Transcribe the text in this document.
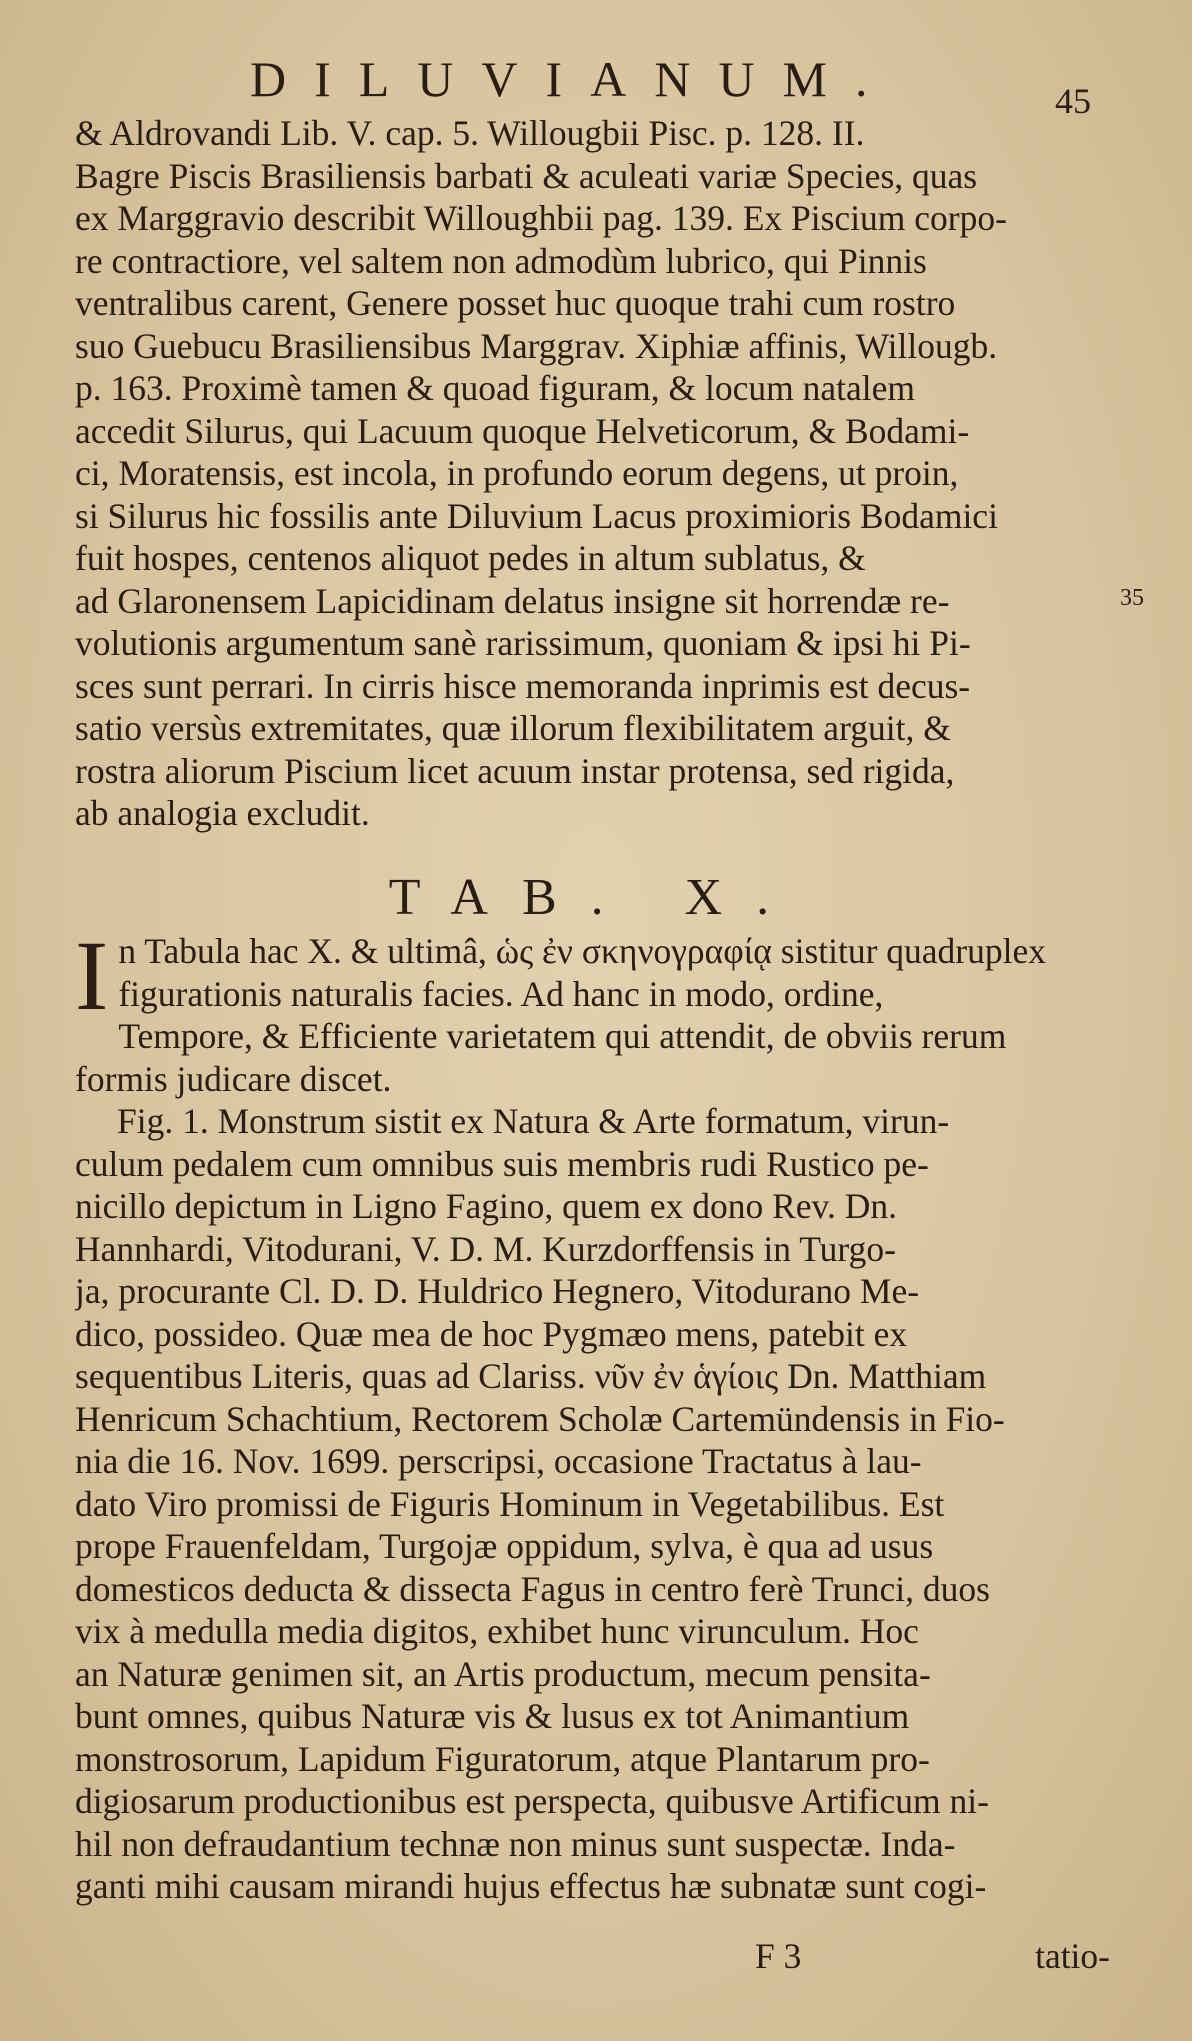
DILUVIANUM.	45
& Aldrovandi Lib. V. cap. 5. Willougbii Pisc. p. 128. II.
Bagre Piscis Brasiliensis barbati & aculeati variæ Species, quas
ex Marggravio describit Willoughbii pag. 139. Ex Piscium corpo-
re contractiore, vel saltem non admodùm lubrico, qui Pinnis
ventralibus carent, Genere posset huc quoque trahi cum rostro
suo Guebucu Brasiliensibus Marggrav. Xiphiæ affinis, Willougb.
p. 163. Proximè tamen & quoad figuram, & locum natalem
accedit Silurus, qui Lacuum quoque Helveticorum, & Bodami-
ci, Moratensis, est incola, in profundo eorum degens, ut proin,
si Silurus hic fossilis ante Diluvium Lacus proximioris Bodamici
fuit hospes, centenos aliquot pedes in altum sublatus, &
ad Glaronensem Lapicidinam delatus insigne sit horrendæ re-
volutionis argumentum sanè rarissimum, quoniam & ipsi hi Pi-
sces sunt perrari. In cirris hisce memoranda inprimis est decus-
satio versùs extremitates, quæ illorum flexibilitatem arguit, &
rostra aliorum Piscium licet acuum instar protensa, sed rigida,
ab analogia excludit.
35
TAB. X.
I n Tabula hac X. & ultimâ, ὡς ἐν σκηνογραφίᾳ sistitur quadruplex
figurationis naturalis facies. Ad hanc in modo, ordine,
Tempore, & Efficiente varietatem qui attendit, de obviis rerum
formis judicare discet.
Fig. 1. Monstrum sistit ex Natura & Arte formatum, virun-
culum pedalem cum omnibus suis membris rudi Rustico pe-
nicillo depictum in Ligno Fagino, quem ex dono Rev. Dn.
Hannhardi, Vitodurani, V. D. M. Kurzdorffensis in Turgo-
ja, procurante Cl. D. D. Huldrico Hegnero, Vitodurano Me-
dico, possideo. Quæ mea de hoc Pygmæo mens, patebit ex
sequentibus Literis, quas ad Clariss. νῦν ἐν ἁγίοις Dn. Matthiam
Henricum Schachtium, Rectorem Scholæ Cartemündensis in Fio-
nia die 16. Nov. 1699. perscripsi, occasione Tractatus à lau-
dato Viro promissi de Figuris Hominum in Vegetabilibus. Est
prope Frauenfeldam, Turgojæ oppidum, sylva, è qua ad usus
domesticos deducta & dissecta Fagus in centro ferè Trunci, duos
vix à medulla media digitos, exhibet hunc virunculum. Hoc
an Naturæ genimen sit, an Artis productum, mecum pensita-
bunt omnes, quibus Naturæ vis & lusus ex tot Animantium
monstrosorum, Lapidum Figuratorum, atque Plantarum pro-
digiosarum productionibus est perspecta, quibusve Artificum ni-
hil non defraudantium technæ non minus sunt suspectæ. Inda-
ganti mihi causam mirandi hujus effectus hæ subnatæ sunt cogi-
F 3	tatio-
